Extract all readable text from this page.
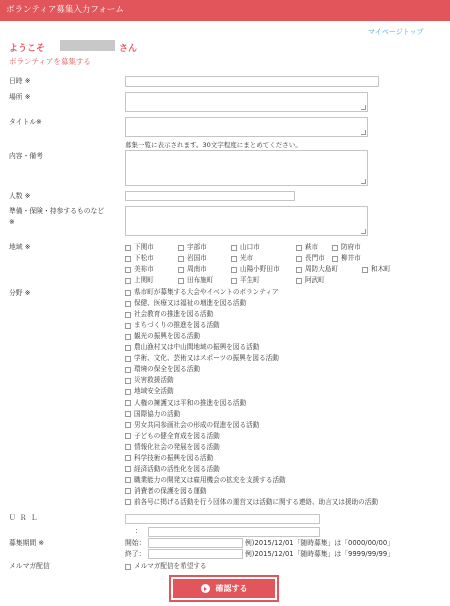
ボランティア募集入力フォーム
マイページトップ
ようこそ	さん
ボランティアを募集する
日時 ※
場所 ※
タイトル※
募集一覧に表示されます。30文字程度にまとめてください。
内容・備考
人数 ※
準備・保険・持参するものなど
※
地域 ※	下関市	宇部市	山口市	萩市	防府市
下松市	岩国市	光市	長門市 柳井市
美祢市	周南市	山陽小野田市	周防大島町	和木町
上関町	田布施町	平生町	阿武町
分野 ※	県市町が募集する大会やイベントのボランティア
保健、医療又は福祉の増進を図る活動
社会教育の推進を図る活動
まちづくりの推進を図る活動
観光の振興を図る活動
農山漁村又は中山間地域の振興を図る活動
学術、文化、芸術又はスポーツの振興を図る活動
環境の保全を図る活動
災害救援活動
地域安全活動
人権の擁護又は平和の推進を図る活動
国際協力の活動
男女共同参画社会の形成の促進を図る活動
子どもの健全育成を図る活動
情報化社会の発展を図る活動
科学技術の振興を図る活動
経済活動の活性化を図る活動
職業能力の開発又は雇用機会の拡充を支援する活動
消費者の保護を図る運動
前各号に掲げる活動を行う団体の運営又は活動に関する連絡、助言又は援助の活動
ＵＲＬ
：
募集期間 ※	開始：	例)2015/12/01「随時募集」は「0000/00/00」
終了：	例)2015/12/01「随時募集」は「9999/99/99」
メルマガ配信	メルマガ配信を希望する
確認する
